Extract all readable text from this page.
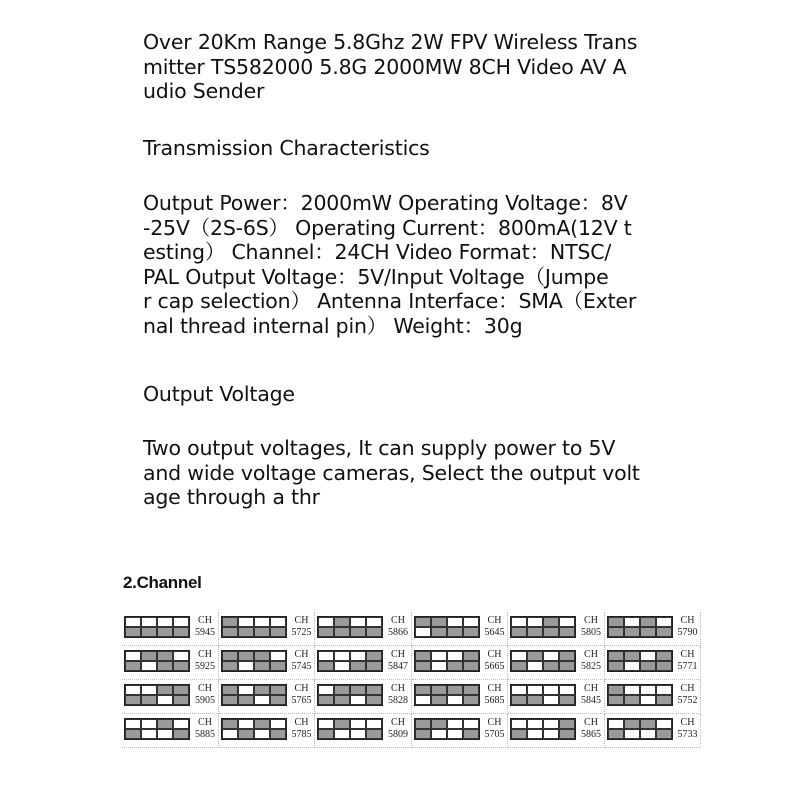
Over 20Km Range 5.8Ghz 2W FPV Wireless Trans
mitter TS582000 5.8G 2000MW 8CH Video AV A
udio Sender
Transmission Characteristics
Output Power：2000mW Operating Voltage：8V
-25V（2S-6S） Operating Current：800mA(12V t
esting） Channel：24CH Video Format：NTSC/
PAL Output Voltage：5V/Input Voltage（Jumpe
r cap selection） Antenna Interface：SMA（Exter
nal thread internal pin） Weight：30g
Output Voltage
Two output voltages, It can supply power to 5V
and wide voltage cameras, Select the output volt
age through a thr
2.Channel
CH
5945
CH
5725
CH
5866
CH
5645
CH
5805
CH
5790
CH
5925
CH
5745
CH
5847
CH
5665
CH
5825
CH
5771
CH
5905
CH
5765
CH
5828
CH
5685
CH
5845
CH
5752
CH
5885
CH
5785
CH
5809
CH
5705
CH
5865
CH
5733
